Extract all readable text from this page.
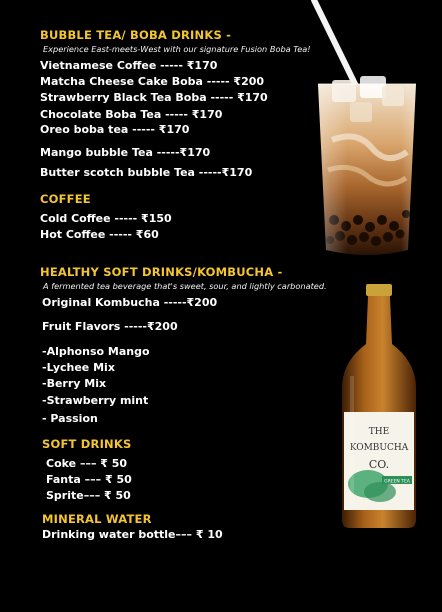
BUBBLE TEA/ BOBA DRINKS -
Experience East-meets-West with our signature Fusion Boba Tea!
Vietnamese Coffee ----- ₹170
Matcha Cheese Cake Boba ----- ₹200
Strawberry Black Tea Boba ----- ₹170
Chocolate Boba Tea ----- ₹170
Oreo boba tea ----- ₹170
Mango bubble Tea -----₹170
Butter scotch bubble Tea -----₹170
COFFEE
Cold Coffee ----- ₹150
Hot Coffee ----- ₹60
HEALTHY SOFT DRINKS/KOMBUCHA -
A fermented tea beverage that's sweet, sour, and lightly carbonated.
Original Kombucha -----₹200
Fruit Flavors -----₹200
-Alphonso Mango
-Lychee Mix
-Berry Mix
-Strawberry mint
- Passion
SOFT DRINKS
Coke ––– ₹ 50
Fanta ––– ₹ 50
Sprite––– ₹ 50
MINERAL WATER
Drinking water bottle––– ₹ 10
THE
KOMBUCHA
CO.
GREEN TEA
